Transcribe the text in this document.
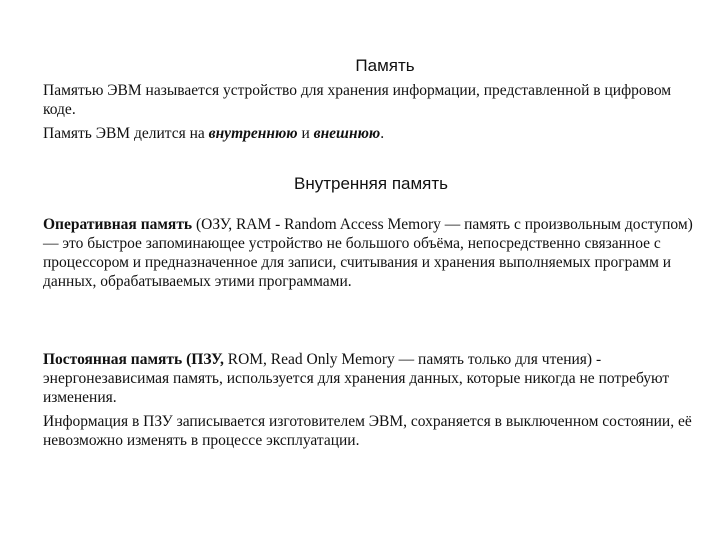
Память
Памятью ЭВМ называется устройство для хранения информации, представленной в цифровом коде.
Память ЭВМ делится на внутреннюю и внешнюю.
Внутренняя память
Оперативная память (ОЗУ, RAM - Random Access Memory — память с произвольным доступом) — это быстрое запоминающее устройство не большого объёма, непосредственно связанное с процессором и предназначенное для записи, считывания и хранения выполняемых программ и данных, обрабатываемых этими программами.
Постоянная память (ПЗУ, ROM, Read Only Memory — память только для чтения) - энергонезависимая память, используется для хранения данных, которые никогда не потребуют изменения.
Информация в ПЗУ записывается изготовителем ЭВМ, сохраняется в выключенном состоянии, её невозможно изменять в процессе эксплуатации.
